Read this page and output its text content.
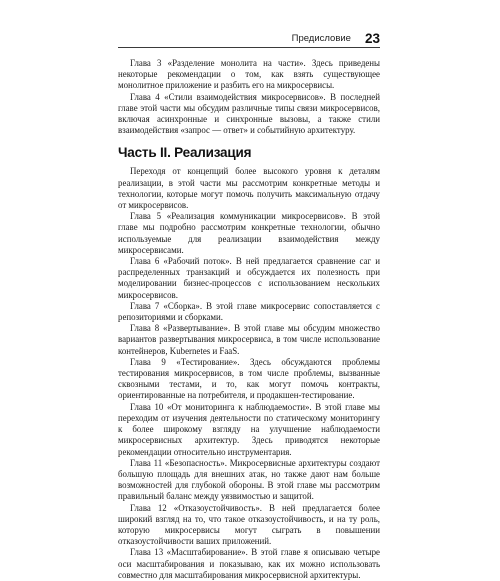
Предисловие 23

Глава 3 «Разделение монолита на части». Здесь приведены некоторые рекомендации о том, как взять существующее монолитное приложение и разбить его на микросервисы.

Глава 4 «Стили взаимодействия микросервисов». В последней главе этой части мы обсудим различные типы связи микросервисов, включая асинхронные и синхронные вызовы, а также стили взаимодействия «запрос — ответ» и событийную архитектуру.

Часть II. Реализация

Переходя от концепций более высокого уровня к деталям реализации, в этой части мы рассмотрим конкретные методы и технологии, которые могут помочь получить максимальную отдачу от микросервисов.

Глава 5 «Реализация коммуникации микросервисов». В этой главе мы подробно рассмотрим конкретные технологии, обычно используемые для реализации взаимодействия между микросервисами.

Глава 6 «Рабочий поток». В ней предлагается сравнение саг и распределенных транзакций и обсуждается их полезность при моделировании бизнес-процессов с использованием нескольких микросервисов.

Глава 7 «Сборка». В этой главе микросервис сопоставляется с репозиториями и сборками.

Глава 8 «Развертывание». В этой главе мы обсудим множество вариантов развертывания микросервиса, в том числе использование контейнеров, Kubernetes и FaaS.

Глава 9 «Тестирование». Здесь обсуждаются проблемы тестирования микросервисов, в том числе проблемы, вызванные сквозными тестами, и то, как могут помочь контракты, ориентированные на потребителя, и продакшен-тестирование.

Глава 10 «От мониторинга к наблюдаемости». В этой главе мы переходим от изучения деятельности по статическому мониторингу к более широкому взгляду на улучшение наблюдаемости микросервисных архитектур. Здесь приводятся некоторые рекомендации относительно инструментария.

Глава 11 «Безопасность». Микросервисные архитектуры создают большую площадь для внешних атак, но также дают нам больше возможностей для глубокой обороны. В этой главе мы рассмотрим правильный баланс между уязвимостью и защитой.

Глава 12 «Отказоустойчивость». В ней предлагается более широкий взгляд на то, что такое отказоустойчивость, и на ту роль, которую микросервисы могут сыграть в повышении отказоустойчивости ваших приложений.

Глава 13 «Масштабирование». В этой главе я описываю четыре оси масштабирования и показываю, как их можно использовать совместно для масштабирования микросервисной архитектуры.
